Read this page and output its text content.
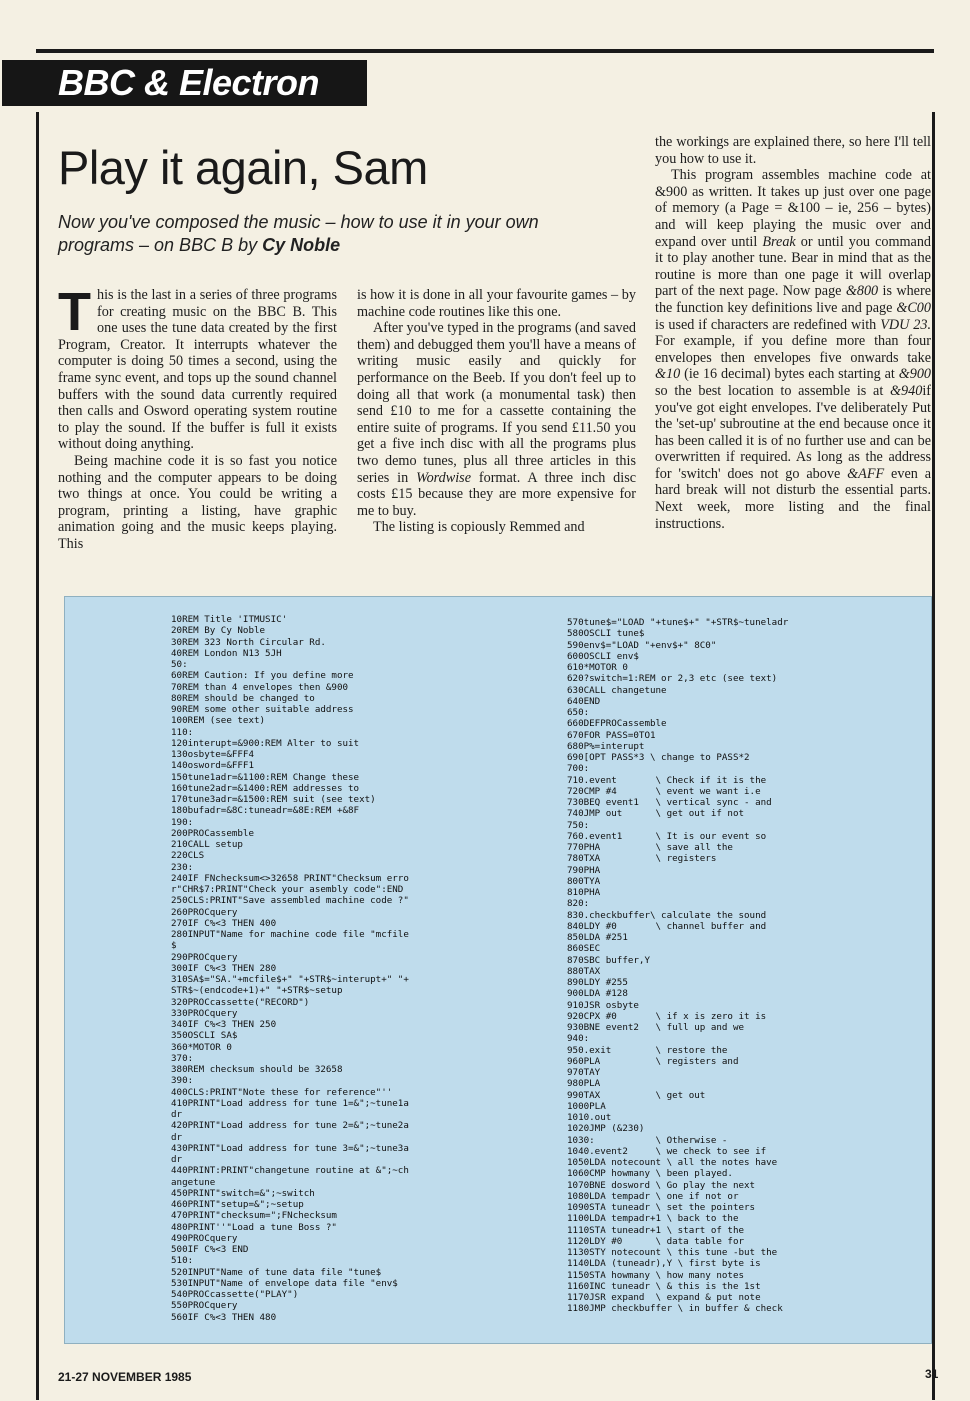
BBC & Electron
Play it again, Sam

Now you've composed the music – how to use it in your own programs – on BBC B by Cy Noble

This is the last in a series of three programs for creating music on the BBC B. This one uses the tune data created by the first Program, Creator. It interrupts whatever the computer is doing 50 times a second, using the frame sync event, and tops up the sound channel buffers with the sound data currently required then calls and Osword operating system routine to play the sound. If the buffer is full it exists without doing anything.

Being machine code it is so fast you notice nothing and the computer appears to be doing two things at once. You could be writing a program, printing a listing, have graphic animation going and the music keeps playing. This

is how it is done in all your favourite games – by machine code routines like this one.

After you've typed in the programs (and saved them) and debugged them you'll have a means of writing music easily and quickly for performance on the Beeb. If you don't feel up to doing all that work (a monumental task) then send £10 to me for a cassette containing the entire suite of programs. If you send £11.50 you get a five inch disc with all the programs plus two demo tunes, plus all three articles in this series in Wordwise format. A three inch disc costs £15 because they are more expensive for me to buy.

The listing is copiously Remmed and

the workings are explained there, so here I'll tell you how to use it.

This program assembles machine code at &900 as written. It takes up just over one page of memory (a Page = &100 – ie, 256 – bytes) and will keep playing the music over and expand over until Break or until you command it to play another tune. Bear in mind that as the routine is more than one page it will overlap part of the next page. Now page &800 is where the function key definitions live and page &C00 is used if characters are redefined with VDU 23. For example, if you define more than four envelopes then envelopes five onwards take &10 (ie 16 decimal) bytes each starting at &900 so the best location to assemble is at &940if you've got eight envelopes. I've deliberately Put the 'set-up' subroutine at the end because once it has been called it is of no further use and can be overwritten if required. As long as the address for 'switch' does not go above &AFF even a hard break will not disturb the essential parts. Next week, more listing and the final instructions.

10REM Title 'ITMUSIC'
20REM By Cy Noble
30REM 323 North Circular Rd.
40REM London N13 5JH
50:
60REM Caution: If you define more
70REM than 4 envelopes then &900
80REM should be changed to
90REM some other suitable address
100REM (see text)
110:
120interupt=&900:REM Alter to suit
130osbyte=&FFF4
140osword=&FFF1
150tune1adr=&1100:REM Change these
160tune2adr=&1400:REM addresses to
170tune3adr=&1500:REM suit (see text)
180bufadr=&8C:tuneadr=&8E:REM +&8F
190:
200PROCassemble
210CALL setup
220CLS
230:
240IF FNchecksum<>32658 PRINT"Checksum erro
r"CHR$7:PRINT"Check your asembly code":END
250CLS:PRINT"Save assembled machine code ?"
260PROCquery
270IF C%<3 THEN 400
280INPUT"Name for machine code file "mcfile
$
290PROCquery
300IF C%<3 THEN 280
310SA$="SA."+mcfile$+" "+STR$~interupt+" "+
STR$~(endcode+1)+" "+STR$~setup
320PROCcassette("RECORD")
330PROCquery
340IF C%<3 THEN 250
350OSCLI SA$
360*MOTOR 0
370:
380REM checksum should be 32658
390:
400CLS:PRINT"Note these for reference"''
410PRINT"Load address for tune 1=&";~tune1a
dr
420PRINT"Load address for tune 2=&";~tune2a
dr
430PRINT"Load address for tune 3=&";~tune3a
dr
440PRINT:PRINT"changetune routine at &";~ch
angetune
450PRINT"switch=&";~switch
460PRINT"setup=&";~setup
470PRINT"checksum=";FNchecksum
480PRINT''"Load a tune Boss ?"
490PROCquery
500IF C%<3 END
510:
520INPUT"Name of tune data file "tune$
530INPUT"Name of envelope data file "env$
540PROCcassette("PLAY")
550PROCquery
560IF C%<3 THEN 480
570tune$="LOAD "+tune$+" "+STR$~tuneladr
580OSCLI tune$
590env$="LOAD "+env$+" 8C0"
600OSCLI env$
610*MOTOR 0
620?switch=1:REM or 2,3 etc (see text)
630CALL changetune
640END
650:
660DEFPROCassemble
670FOR PASS=0TO1
680P%=interupt
690[OPT PASS*3 \ change to PASS*2
700:
710.event       \ Check if it is the
720CMP #4       \ event we want i.e
730BEQ event1   \ vertical sync - and
740JMP out      \ get out if not
750:
760.event1      \ It is our event so
770PHA          \ save all the
780TXA          \ registers
790PHA
800TYA
810PHA
820:
830.checkbuffer\ calculate the sound
840LDY #0       \ channel buffer and
850LDA #251
860SEC
870SBC buffer,Y
880TAX
890LDY #255
900LDA #128
910JSR osbyte
920CPX #0       \ if x is zero it is
930BNE event2   \ full up and we
940:
950.exit        \ restore the
960PLA          \ registers and
970TAY
980PLA
990TAX          \ get out
1000PLA
1010.out
1020JMP (&230)
1030:           \ Otherwise -
1040.event2     \ we check to see if
1050LDA notecount \ all the notes have
1060CMP howmany \ been played.
1070BNE dosword \ Go play the next
1080LDA tempadr \ one if not or
1090STA tuneadr \ set the pointers
1100LDA tempadr+1 \ back to the
1110STA tuneadr+1 \ start of the
1120LDY #0      \ data table for
1130STY notecount \ this tune -but the
1140LDA (tuneadr),Y \ first byte is
1150STA howmany \ how many notes
1160INC tuneadr \ & this is the 1st
1170JSR expand  \ expand & put note
1180JMP checkbuffer \ in buffer & check
21-27 NOVEMBER 1985	31
